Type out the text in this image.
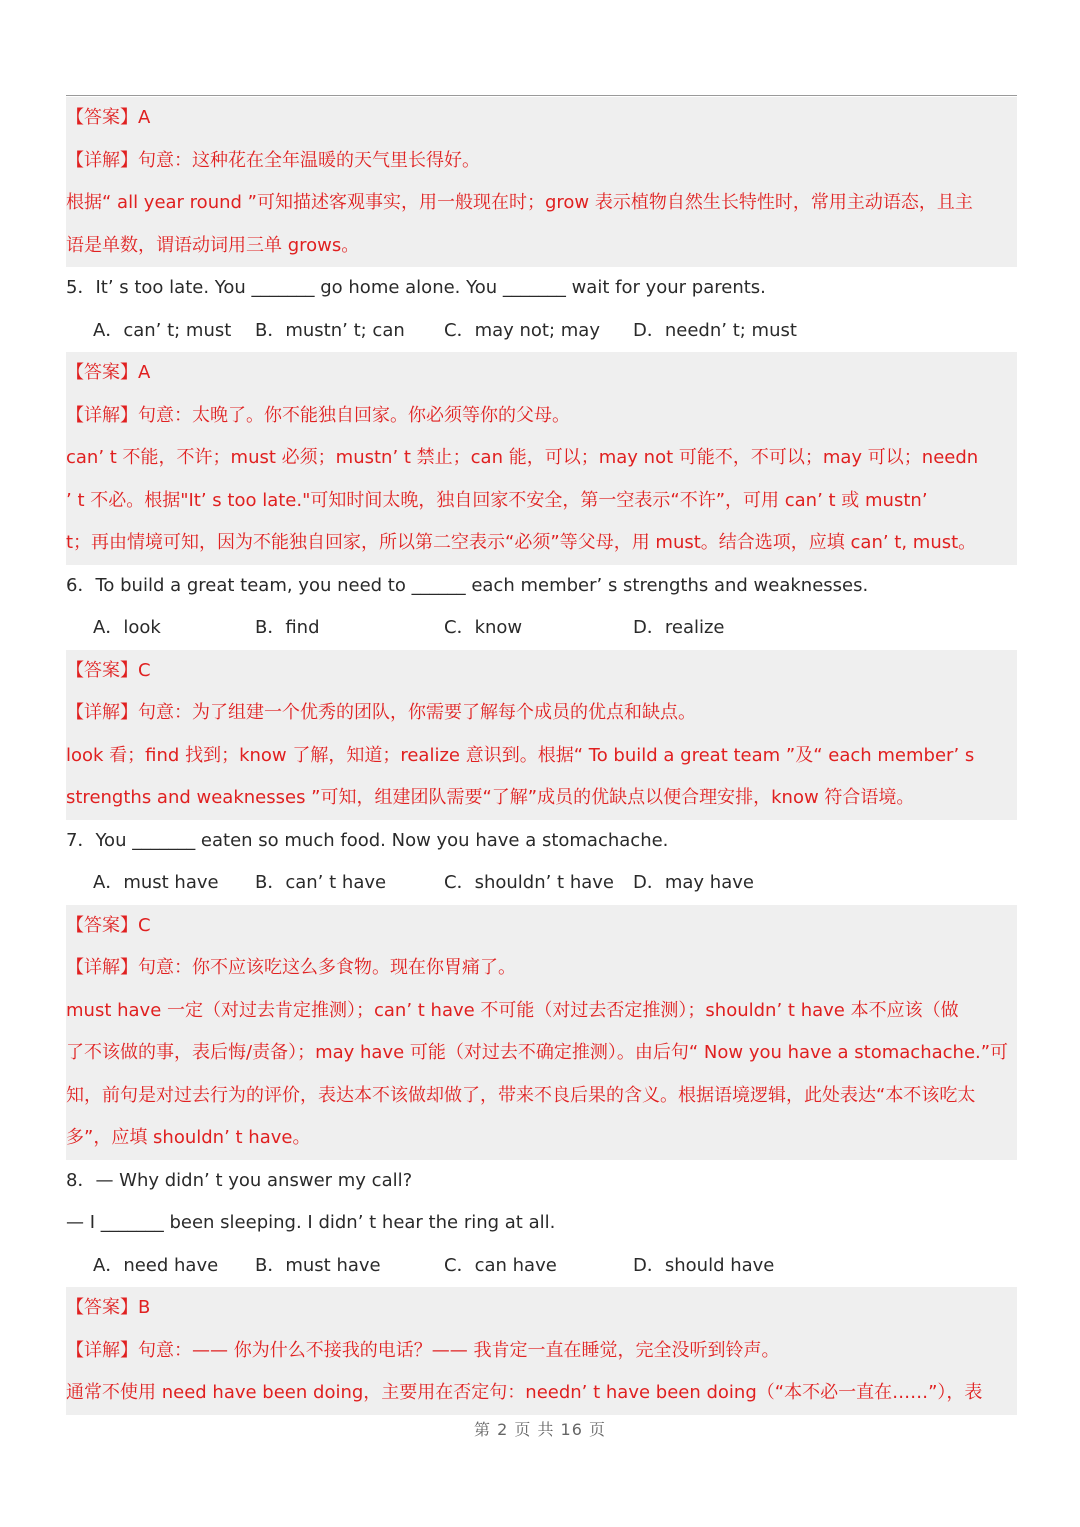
【答案】A
【详解】句意：这种花在全年温暖的天气里长得好。
根据“ all year round ”可知描述客观事实，用一般现在时；grow 表示植物自然生长特性时，常用主动语态，且主
语是单数，谓语动词用三单 grows。
5．It’ s too late. You _______ go home alone. You _______ wait for your parents.
A．can’ t; must B．mustn’ t; can C．may not; may D．needn’ t; must
【答案】A
【详解】句意：太晚了。你不能独自回家。你必须等你的父母。
can’ t 不能，不许；must 必须；mustn’ t 禁止；can 能，可以；may not 可能不，不可以；may 可以；needn
’ t 不必。根据"It’ s too late."可知时间太晚，独自回家不安全，第一空表示“不许”，可用 can’ t 或 mustn’
t；再由情境可知，因为不能独自回家，所以第二空表示“必须”等父母，用 must。结合选项，应填 can’ t, must。
6．To build a great team, you need to ______ each member’ s strengths and weaknesses.
A．look	B．find	C．know	D．realize
【答案】C
【详解】句意：为了组建一个优秀的团队，你需要了解每个成员的优点和缺点。
look 看；find 找到；know 了解，知道；realize 意识到。根据“ To build a great team ”及“ each member’ s
strengths and weaknesses ”可知，组建团队需要“了解”成员的优缺点以便合理安排，know 符合语境。
7．You _______ eaten so much food. Now you have a stomachache.
A．must have B．can’ t have	C．shouldn’ t have D．may have
【答案】C
【详解】句意：你不应该吃这么多食物。现在你胃痛了。
must have 一定（对过去肯定推测）；can’ t have 不可能（对过去否定推测）；shouldn’ t have 本不应该（做
了不该做的事，表后悔/责备）；may have 可能（对过去不确定推测）。由后句“ Now you have a stomachache.”可
知，前句是对过去行为的评价，表达本不该做却做了，带来不良后果的含义。根据语境逻辑，此处表达“本不该吃太
多”，应填 shouldn’ t have。
8．— Why didn’ t you answer my call?
— I _______ been sleeping. I didn’ t hear the ring at all.
A．need have B．must have	C．can have	D．should have
【答案】B
【详解】句意：—— 你为什么不接我的电话？—— 我肯定一直在睡觉，完全没听到铃声。
通常不使用 need have been doing，主要用在否定句：needn’ t have been doing（“本不必一直在……”），表
第 2 页 共 16 页
